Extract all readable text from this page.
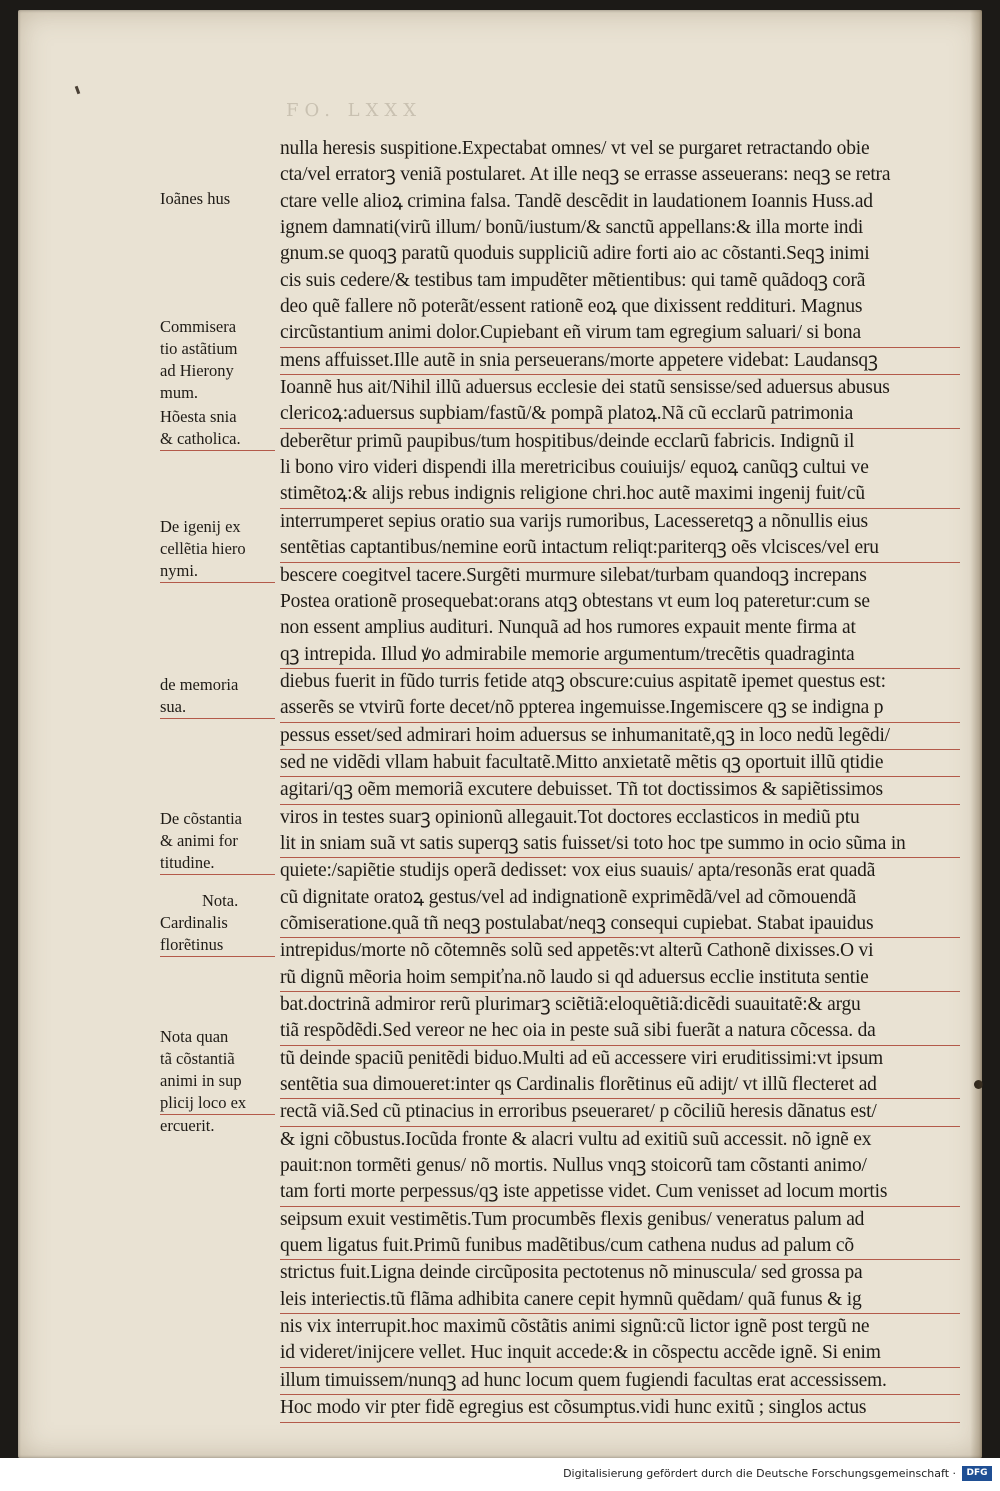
FO. LXXX
nulla heresis suspitione.Expectabat omnes/ vt vel se purgaret retractando obie
cta/vel erratorꝫ veniã postularet. At ille neqꝫ se errasse asseuerans: neqꝫ se retra
ctare velle alioꝝ crimina falsa. Tandẽ descẽdit in laudationem Ioannis Huss.ad
ignem damnati(virũ illum/ bonũ/iustum/& sanctũ appellans:& illa morte indi
gnum.se quoqꝫ paratũ quoduis suppliciũ adire forti aio ac cõstanti.Seqꝫ inimi
cis suis cedere/& testibus tam impudẽter mẽtientibus: qui tamẽ quãdoqꝫ corã
deo quẽ fallere nõ poterãt/essent rationẽ eoꝝ que dixissent reddituri. Magnus
circũstantium animi dolor.Cupiebant eñ virum tam egregium saluari/ si bona
mens affuisset.Ille autẽ in snia perseuerans/morte appetere videbat: Laudansqꝫ
Ioannẽ hus ait/Nihil illũ aduersus ecclesie dei statũ sensisse/sed aduersus abusus
clericoꝝ:aduersus supbiam/fastũ/& pompã platoꝝ.Nã cũ ecclarũ patrimonia
deberẽtur primũ paupibus/tum hospitibus/deinde ecclarũ fabricis. Indignũ il
li bono viro videri dispendi illa meretricibus couiuijs/ equoꝝ canũqꝫ cultui ve
stimẽtoꝝ:& alijs rebus indignis religione chri.hoc autẽ maximi ingenij fuit/cũ
interrumperet sepius oratio sua varijs rumoribus, Lacesseretqꝫ a nõnullis eius
sentẽtias captantibus/nemine eorũ intactum reliqt:pariterqꝫ oẽs vlcisces/vel eru
bescere coegitvel tacere.Surgẽti murmure silebat/turbam quandoqꝫ increpans
Postea orationẽ prosequebat:orans atqꝫ obtestans vt eum loq pateretur:cum se
non essent amplius audituri. Nunquã ad hos rumores expauit mente firma at
qꝫ intrepida. Illud ꝟo admirabile memorie argumentum/trecẽtis quadraginta
diebus fuerit in fũdo turris fetide atqꝫ obscure:cuius aspitatẽ ipemet questus est:
asserẽs se vtvirũ forte decet/nõ ppterea ingemuisse.Ingemiscere qꝫ se indigna p
pessus esset/sed admirari hoim aduersus se inhumanitatẽ,qꝫ in loco nedũ legẽdi/
sed ne vidẽdi vllam habuit facultatẽ.Mitto anxietatẽ mẽtis qꝫ oportuit illũ qtidie
agitari/qꝫ oẽm memoriã excutere debuisset. Tñ tot doctissimos & sapiẽtissimos
viros in testes suarꝫ opinionũ allegauit.Tot doctores ecclasticos in mediũ ptu
lit in sniam suã vt satis superqꝫ satis fuisset/si toto hoc tpe summo in ocio sũma in
quiete:/sapiẽtie studijs operã dedisset: vox eius suauis/ apta/resonãs erat quadã
cũ dignitate oratoꝝ gestus/vel ad indignationẽ exprimẽdã/vel ad cõmouendã
cõmiseratione.quã tñ neqꝫ postulabat/neqꝫ consequi cupiebat. Stabat ipauidus
intrepidus/morte nõ cõtemnẽs solũ sed appetẽs:vt alterũ Cathonẽ dixisses.O vi
rũ dignũ mẽoria hoim sempiťna.nõ laudo si qd aduersus ecclie instituta sentie
bat.doctrinã admiror rerũ plurimarꝫ sciẽtiã:eloquẽtiã:dicẽdi suauitatẽ:& argu
tiã respõdẽdi.Sed vereor ne hec oia in peste suã sibi fuerãt a natura cõcessa. da
tũ deinde spaciũ penitẽdi biduo.Multi ad eũ accessere viri eruditissimi:vt ipsum
sentẽtia sua dimoueret:inter qs Cardinalis florẽtinus eũ adijt/ vt illũ flecteret ad
rectã viã.Sed cũ ptinacius in erroribus pseueraret/ p cõciliũ heresis dãnatus est/
& igni cõbustus.Iocũda fronte & alacri vultu ad exitiũ suũ accessit. nõ ignẽ ex
pauit:non tormẽti genus/ nõ mortis. Nullus vnqꝫ stoicorũ tam cõstanti animo/
tam forti morte perpessus/qꝫ iste appetisse videt. Cum venisset ad locum mortis
seipsum exuit vestimẽtis.Tum procumbẽs flexis genibus/ veneratus palum ad
quem ligatus fuit.Primũ funibus madẽtibus/cum cathena nudus ad palum cõ
strictus fuit.Ligna deinde circũposita pectotenus nõ minuscula/ sed grossa pa
leis interiectis.tũ flãma adhibita canere cepit hymnũ quẽdam/ quã funus & ig
nis vix interrupit.hoc maximũ cõstãtis animi signũ:cũ lictor ignẽ post tergũ ne
id videret/inijcere vellet. Huc inquit accede:& in cõspectu accẽde ignẽ. Si enim
illum timuissem/nunqꝫ ad hunc locum quem fugiendi facultas erat accessissem.
Hoc modo vir pter fidẽ egregius est cõsumptus.vidi hunc exitũ ; singlos actus
Ioãnes hus
Commisera
tio astãtium
ad Hierony
mum.
Hõesta snia
& catholica.
De igenij ex
cellẽtia hiero
nymi.
de memoria
sua.
De cõstantia
& animi for
titudine.
Nota.
Cardinalis
florẽtinus
Nota quan
tã cõstantiã
animi in sup
plicij loco ex
ercuerit.
Digitalisierung gefördert durch die Deutsche Forschungsgemeinschaft ·	DFG
